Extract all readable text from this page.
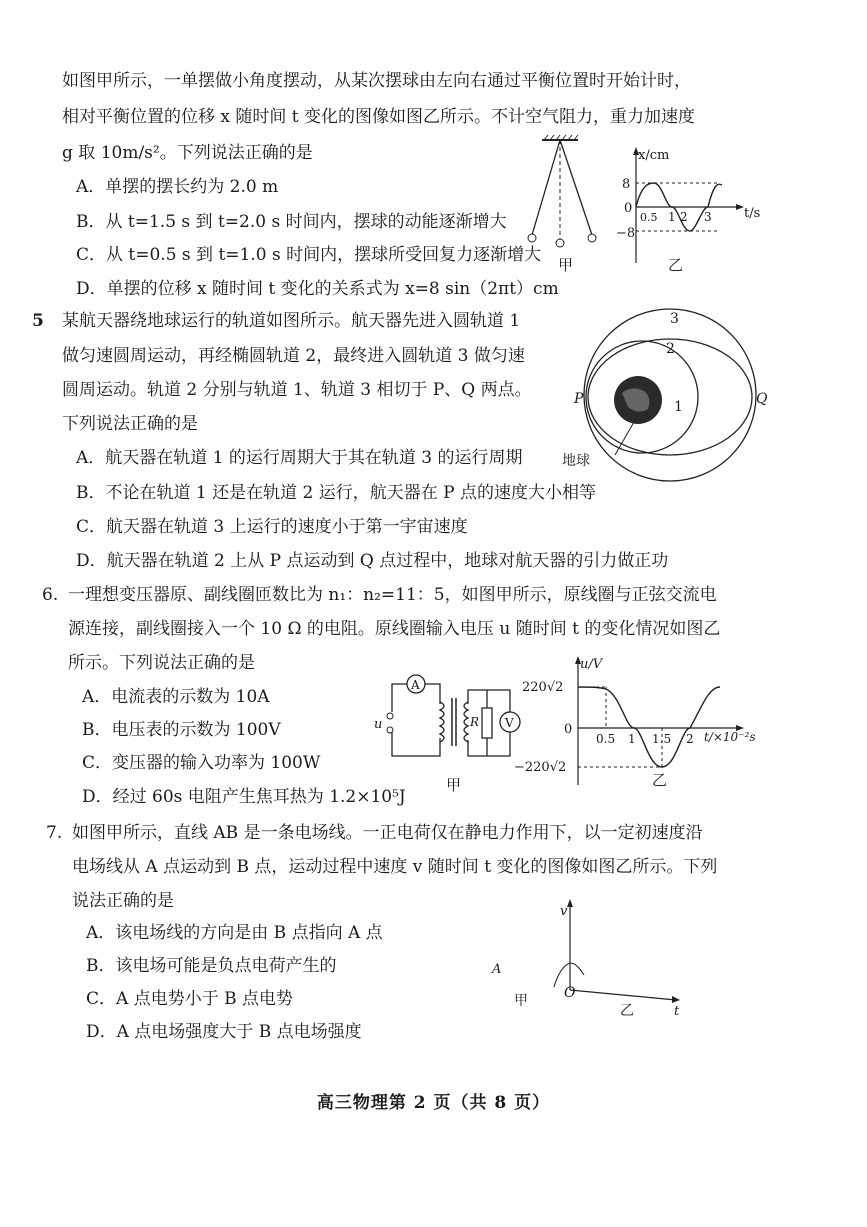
如图甲所示，一单摆做小角度摆动，从某次摆球由左向右通过平衡位置时开始计时，
相对平衡位置的位移 x 随时间 t 变化的图像如图乙所示。不计空气阻力，重力加速度
g 取 10m/s²。下列说法正确的是
A．单摆的摆长约为 2.0 m
B．从 t=1.5 s 到 t=2.0 s 时间内，摆球的动能逐渐增大
C．从 t=0.5 s 到 t=1.0 s 时间内，摆球所受回复力逐渐增大
D．单摆的位移 x 随时间 t 变化的关系式为 x=8 sin（2πt）cm
甲
x/cm
t/s
8
−8
0
0.5 1 2 3
乙
5 某航天器绕地球运行的轨道如图所示。航天器先进入圆轨道 1
做匀速圆周运动，再经椭圆轨道 2，最终进入圆轨道 3 做匀速
圆周运动。轨道 2 分别与轨道 1、轨道 3 相切于 P、Q 两点。
下列说法正确的是
A．航天器在轨道 1 的运行周期大于其在轨道 3 的运行周期
B．不论在轨道 1 还是在轨道 2 运行，航天器在 P 点的速度大小相等
C．航天器在轨道 3 上运行的速度小于第一宇宙速度
D．航天器在轨道 2 上从 P 点运动到 Q 点过程中，地球对航天器的引力做正功
3
2
1
P	Q
地球
6. 一理想变压器原、副线圈匝数比为 n₁：n₂=11：5，如图甲所示，原线圈与正弦交流电
源连接，副线圈接入一个 10 Ω 的电阻。原线圈输入电压 u 随时间 t 的变化情况如图乙
所示。下列说法正确的是
A．电流表的示数为 10A
B．电压表的示数为 100V
C．变压器的输入功率为 100W
D．经过 60s 电阻产生焦耳热为 1.2×10⁵J
A
R V
u
甲
u/V
t/×10⁻²s
220√2
−220√2
0
0.5 1 1.5 2
乙
7. 如图甲所示，直线 AB 是一条电场线。一正电荷仅在静电力作用下，以一定初速度沿
电场线从 A 点运动到 B 点，运动过程中速度 v 随时间 t 变化的图像如图乙所示。下列
说法正确的是
A．该电场线的方向是由 B 点指向 A 点
B．该电场可能是负点电荷产生的
C．A 点电势小于 B 点电势
D．A 点电场强度大于 B 点电场强度
A
甲
v
O
乙	t
高三物理第 2 页（共 8 页）
